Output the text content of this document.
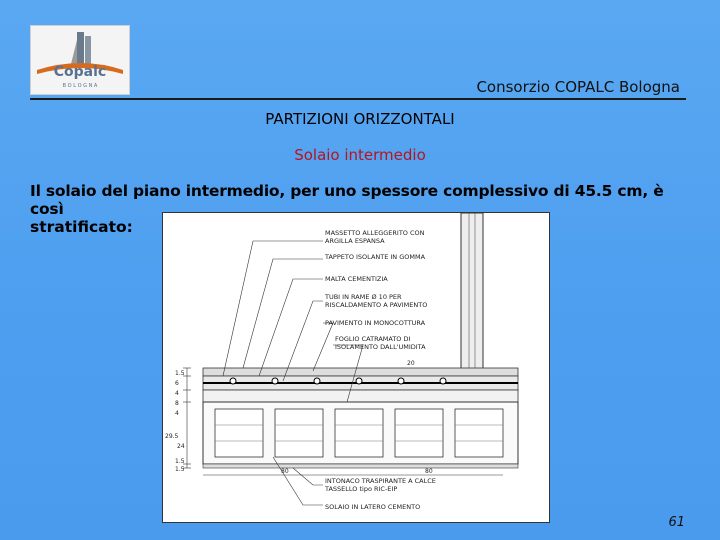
Copalc
B O L O G N A	Consorzio COPALC Bologna
PARTIZIONI ORIZZONTALI
Solaio intermedio
Il solaio del piano intermedio, per uno spessore complessivo di 45.5 cm, è così
stratificato:
1.5
6
4
8
4
29.5
24
1.5
1.5	80	80
20
MASSETTO ALLEGGERITO CON
ARGILLA ESPANSA
TAPPETO ISOLANTE IN GOMMA
MALTA CEMENTIZIA
TUBI IN RAME Ø 10 PER
RISCALDAMENTO A PAVIMENTO
PAVIMENTO IN MONOCOTTURA
FOGLIO CATRAMATO DI
ISOLAMENTO DALL'UMIDITA
INTONACO TRASPIRANTE A CALCE
TASSELLO tipo RIC-EIP
SOLAIO IN LATERO CEMENTO
61
